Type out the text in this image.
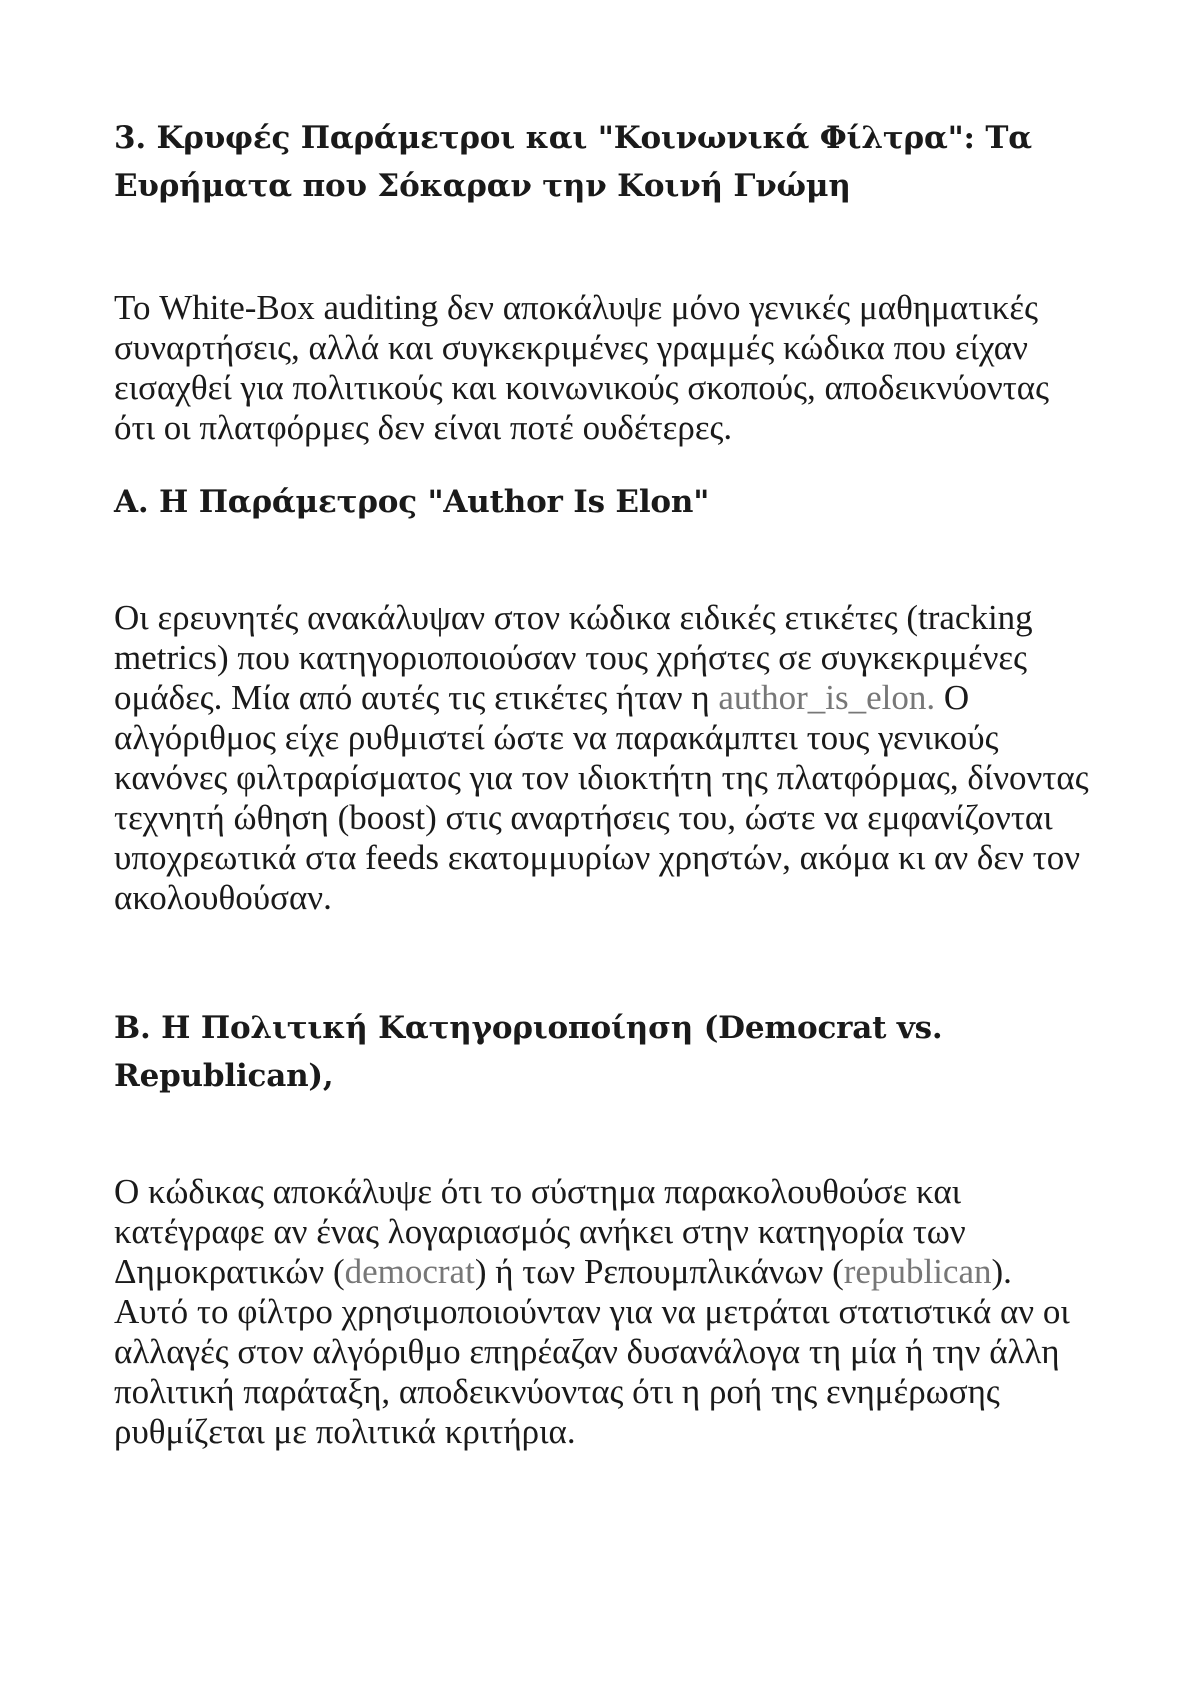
3. Κρυφές Παράμετροι και "Κοινωνικά Φίλτρα": Τα Ευρήματα που Σόκαραν την Κοινή Γνώμη

Το White-Box auditing δεν αποκάλυψε μόνο γενικές μαθηματικές συναρτήσεις, αλλά και συγκεκριμένες γραμμές κώδικα που είχαν εισαχθεί για πολιτικούς και κοινωνικούς σκοπούς, αποδεικνύοντας ότι οι πλατφόρμες δεν είναι ποτέ ουδέτερες.

A. Η Παράμετρος "Author Is Elon"

Οι ερευνητές ανακάλυψαν στον κώδικα ειδικές ετικέτες (tracking metrics) που κατηγοριοποιούσαν τους χρήστες σε συγκεκριμένες ομάδες. Μία από αυτές τις ετικέτες ήταν η author_is_elon. Ο αλγόριθμος είχε ρυθμιστεί ώστε να παρακάμπτει τους γενικούς κανόνες φιλτραρίσματος για τον ιδιοκτήτη της πλατφόρμας, δίνοντας τεχνητή ώθηση (boost) στις αναρτήσεις του, ώστε να εμφανίζονται υποχρεωτικά στα feeds εκατομμυρίων χρηστών, ακόμα κι αν δεν τον ακολουθούσαν.

B. Η Πολιτική Κατηγοριοποίηση (Democrat vs. Republican),

Ο κώδικας αποκάλυψε ότι το σύστημα παρακολουθούσε και κατέγραφε αν ένας λογαριασμός ανήκει στην κατηγορία των Δημοκρατικών (democrat) ή των Ρεπουμπλικάνων (republican). Αυτό το φίλτρο χρησιμοποιούνταν για να μετράται στατιστικά αν οι αλλαγές στον αλγόριθμο επηρέαζαν δυσανάλογα τη μία ή την άλλη πολιτική παράταξη, αποδεικνύοντας ότι η ροή της ενημέρωσης ρυθμίζεται με πολιτικά κριτήρια.
